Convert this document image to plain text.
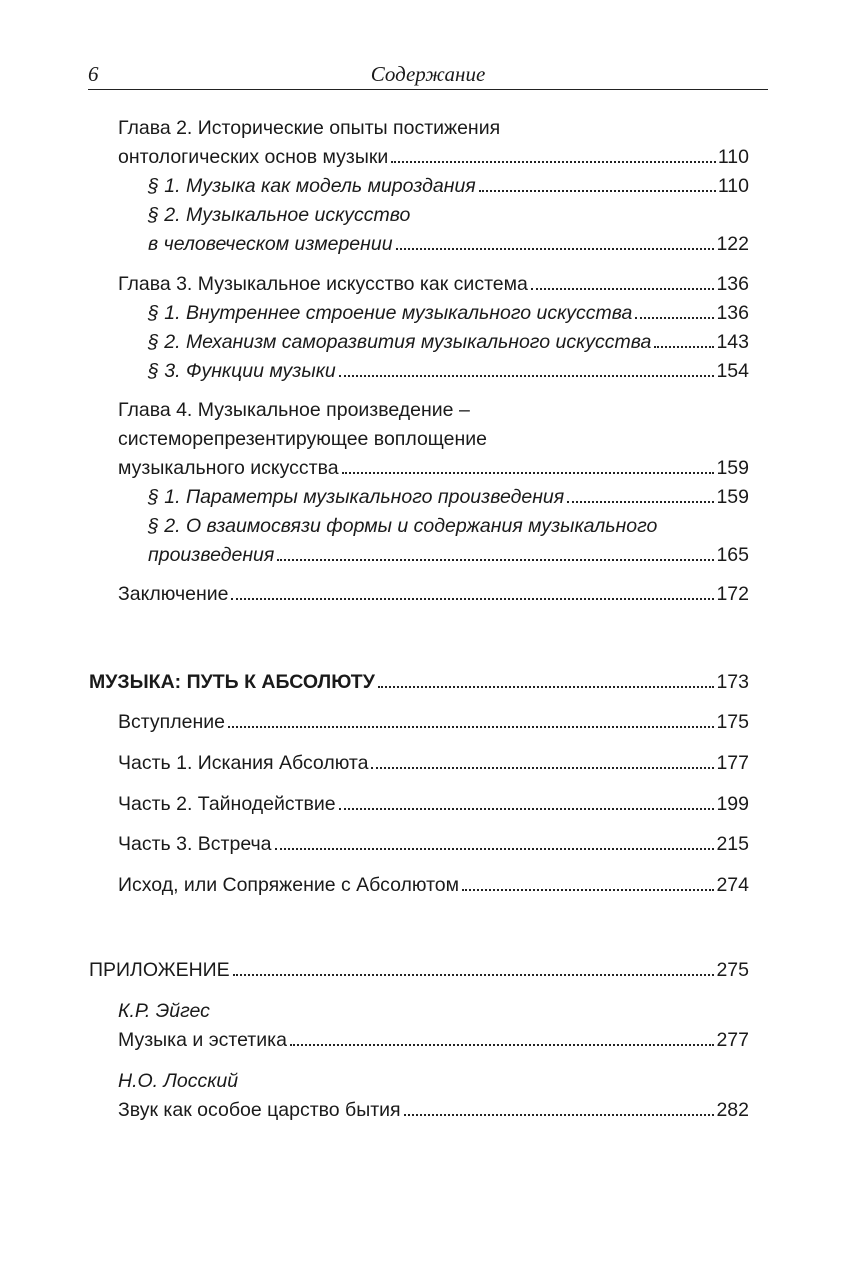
6	Содержание
Глава 2. Исторические опыты постижения
онтологических основ музыки	110
§ 1. Музыка как модель мироздания	110
§ 2. Музыкальное искусство
в человеческом измерении	122
Глава 3. Музыкальное искусство как система	136
§ 1. Внутреннее строение музыкального искусства	136
§ 2. Механизм саморазвития музыкального искусства	143
§ 3. Функции музыки	154
Глава 4. Музыкальное произведение –
системорепрезентирующее воплощение
музыкального искусства	159
§ 1. Параметры музыкального произведения	159
§ 2. О взаимосвязи формы и содержания музыкального
произведения	165
Заключение	172
МУЗЫКА: ПУТЬ К АБСОЛЮТУ	173
Вступление	175
Часть 1. Искания Абсолюта	177
Часть 2. Тайнодействие	199
Часть 3. Встреча	215
Исход, или Сопряжение с Абсолютом	274
ПРИЛОЖЕНИЕ	275
К.Р. Эйгес
Музыка и эстетика	277
Н.О. Лосский
Звук как особое царство бытия	282
